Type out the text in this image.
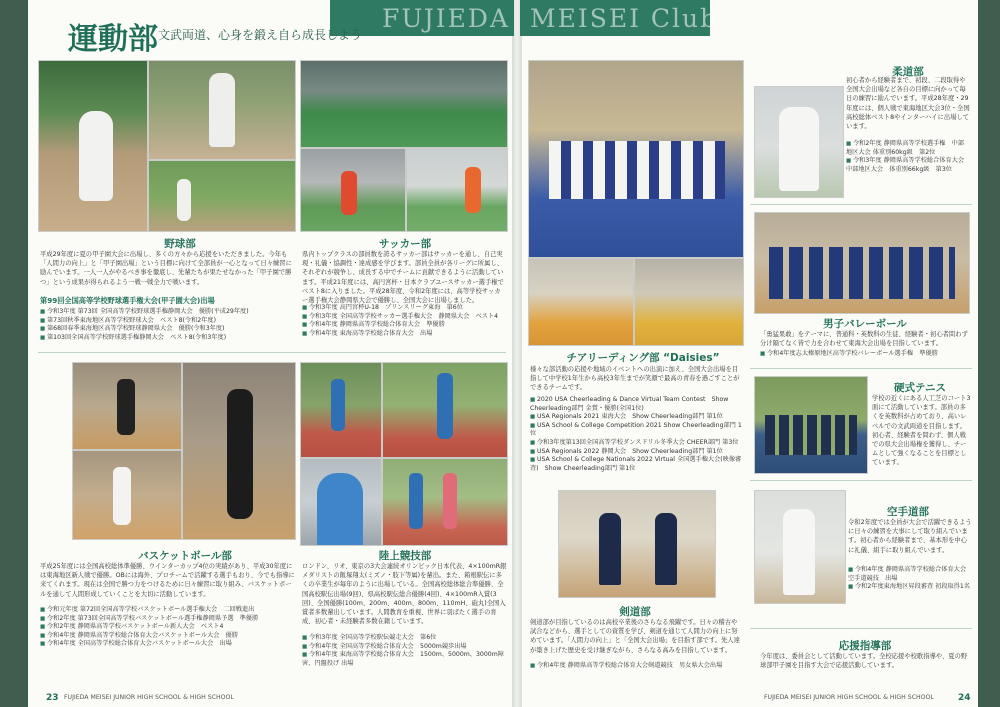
FUJIEDA MEISEI Club
運動部 文武両道、心身を鍛え自ら成長しよう
野球部
平成29年度に夏の甲子園大会に出場し、多くの方々から応援をいただきました。今年も「人間力の向上」と「甲子園出場」という目標に向けて全部員が一心となって日々練習に励んでいます。一人一人がやるべき事を徹底し、先輩たちが果たせなかった「甲子園で勝つ」という成果が得られるよう一戦一戦全力で戦います。
第99回全国高等学校野球選手権大会(甲子園大会)出場
■ 令和3年度 第73回 全国高等学校野球選手権静岡大会　優勝(平成29年度)
■ 第73回秋季東海地区高等学校野球大会　ベスト8(令和2年度)
■ 第68回春季東海地区高等学校野球静岡県大会　優勝(令和3年度)
■ 第103回全国高等学校野球選手権静岡大会　ベスト8(令和3年度)
サッカー部
県内トップクラスの部員数を誇るサッカー部はサッカーを通し、自己実現・礼儀・協調性・達成感を学びます。部員全員が各リーグに所属し、それぞれが競争し、成長する中でチームに貢献できるように活動しています。平成21年度には、高円宮杯・日本クラブユースサッカー選手権でベスト8に入りました。平成28年度、令和2年度には、高等学校サッカー選手権大会静岡県大会で優勝し、全国大会に出場しました。
■ 令和3年度 高円宮杯U-18　プリンスリーグ東海　第6位
■ 令和3年度 全国高等学校サッカー選手権大会　静岡県大会　ベスト4
■ 令和4年度 静岡県高等学校総合体育大会　準優勝
■ 令和4年度 東海高等学校総合体育大会　出場
バスケットボール部
平成25年度には全国高校総体準優勝、ウインターカップ4位の実績があり、平成30年度には東海地区新人戦で優勝。OBには海外、プロチームで活躍する選手もおり、今でも指導に来てくれます。現在は全国で勝つ力をつけるために日々練習に取り組み、バスケットボールを通して人間形成していくことを大切に活動しています。
■ 令和元年度 第72回全国高等学校バスケットボール選手権大会　二回戦進出
■ 令和2年度 第73回全国高等学校バスケットボール選手権静岡県予選　準優勝
■ 令和2年度 静岡県高等学校バスケットボール新人大会　ベスト4
■ 令和4年度 静岡県高等学校総合体育大会バスケットボール大会　優勝
■ 令和4年度 全国高等学校総合体育大会バスケットボール大会　出場
陸上競技部
ロンドン、リオ、東京の3大会連続オリンピック日本代表、4×100mR銀メダリストの飯塚翔太(ミズノ・肢下等属)を輩出。また、箱根駅伝に多くの卒業生が毎年のように出場している。全国高校総体総合準優勝、全国高校駅伝出場(9回)、県高校駅伝総合優勝(4回)、4×100mR入賞(3回)、全国優勝(100m、200m、400m、800m、110mH、砲丸)全国入賞者多数輩出しています。人間教育を重視、世界に羽ばたく選手の育成、初心者・未経験者多数在籍しています。
■ 令和3年度 全国高等学校駅伝競走大会　第6位
■ 令和4年度 全国高等学校総合体育大会　5000m競歩出場
■ 令和4年度 東海高等学校総合体育大会　1500m、5000m、3000m障害、円盤投げ 出場
FUJIEDA MEISEI JUNIOR HIGH SCHOOL & HIGH SCHOOL
23
チアリーディング部 “Daisies”
様々な部活動の応援や地域のイベントへの出演に加え、全国大会出場を目指して中学校1年生から高校3年生までが笑顔で最高の青春を過ごすことができるチームです。
■ 2020 USA Cheerleading & Dance Virtual Team Contest　Show Cheerleading部門 金賞・優勝(全国1位)
■ USA Regionals 2021 東海大会　Show Cheerleading部門 第1位
■ USA School & College Competition 2021 Show Cheerleading部門 1位
■ 令和3年度第13回全国高等学校ダンスドリル冬季大会 CHEER部門 第3位
■ USA Regionals 2022 静岡大会　Show Cheerleading部門 第1位
■ USA School & College Nationals 2022 Virtual 全国選手権大会(映像審査)　Show Cheerleading部門 第1位
柔道部
初心者から経験者まで、初段、二段取得や全国大会出場など各自の目標に向かって毎日の練習に励んでいます。平成28年度・29年度には、個人戦で東海地区大会3位・全国高校総体ベスト8やインターハイに出場しています。
■ 令和2年度 静岡県高等学校選手権　中部地区大会 体重別60kg級　第2位
■ 令和3年度 静岡県高等学校総合体育大会　中部地区大会　体重別66kg級　第3位
男子バレーボール
「勇猛果敢」をテーマに、普通科・英数科の生徒、経験者・初心者問わず分け隔てなく皆で力を合わせて東海大会出場を目指しています。
■ 令和4年度志太榛原地区高等学校バレーボール選手権　準優勝
硬式テニス
学校の近くにある人工芝のコート3面にて活動しています。部員の多くを英数科が占めており、高いレベルでの文武両道を目指します。初心者、経験者を問わず、個人戦での県大会出場権を獲得し、チームとして強くなることを目標としています。
剣道部
剣道部が目指しているのは高校卒業後のさらなる飛躍です。日々の稽古や試合などから、選手としての資質を学び、剣道を通じて人間力の向上に努めています。「人間力の向上」と「全国大会出場」を目指す部です。先人達が築き上げた歴史を受け継ぎながら、さらなる高みを目指しています。
■ 令和4年度 静岡県高等学校総合体育大会剣道競技　男女県大会出場
空手道部
令和2年度では全員が大会で活躍できるように日々の練習を大事にして取り組んでいます。初心者から経験者まで、基本形を中心に礼儀、組手に取り組んでいます。
■ 令和4年度 静岡県高等学校総合体育大会 空手道競技　出場
■ 令和2年度東海地区昇段審査 初段取得1名
応援指導部
今年度は、委員会として活動しています。全校応援や校歌指導や、夏の野球部甲子園を目指す大会で応援活動しています。
FUJIEDA MEISEI JUNIOR HIGH SCHOOL & HIGH SCHOOL	24
